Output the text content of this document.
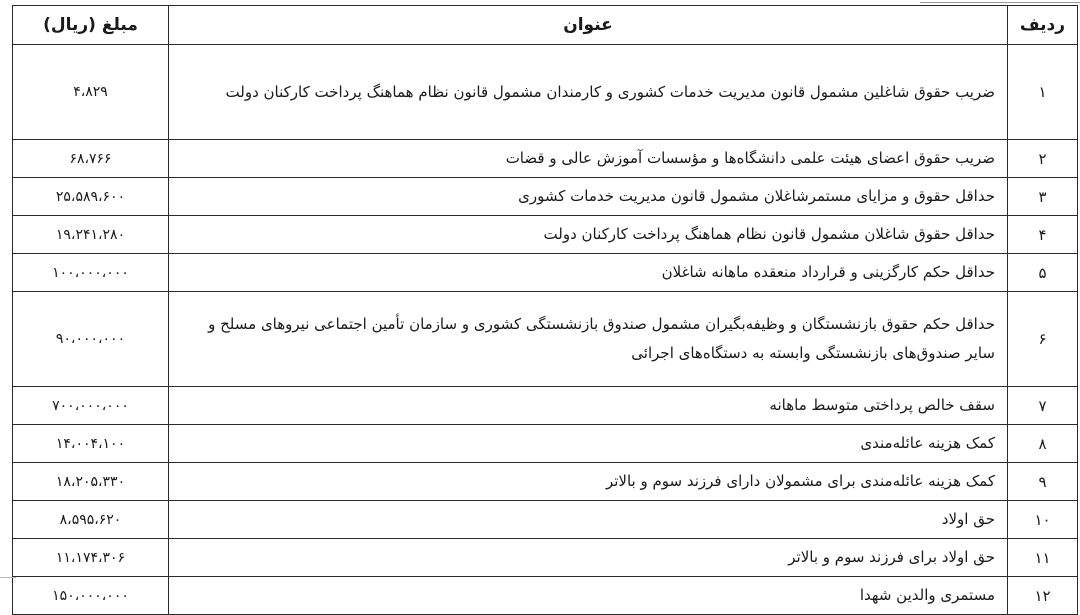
مبلغ (ریال)	عنوان	ردیف
۴،۸۲۹	ضریب حقوق شاغلین مشمول قانون مدیریت خدمات کشوری و کارمندان مشمول قانون نظام هماهنگ پرداخت کارکنان دولت	۱
۶۸،۷۶۶	ضریب حقوق اعضای هیئت علمی دانشگاه‌ها و مؤسسات آموزش عالی و قضات	۲
۲۵،۵۸۹،۶۰۰	حداقل حقوق و مزایای مستمرشاغلان مشمول قانون مدیریت خدمات کشوری	۳
۱۹،۲۴۱،۲۸۰	حداقل حقوق شاغلان مشمول قانون نظام هماهنگ پرداخت کارکنان دولت	۴
۱۰۰،۰۰۰،۰۰۰	حداقل حکم کارگزینی و قرارداد منعقده ماهانه شاغلان	۵
۹۰،۰۰۰،۰۰۰	حداقل حکم حقوق بازنشستگان و وظیفه‌بگیران مشمول صندوق بازنشستگی کشوری و سازمان تأمین اجتماعی نیروهای مسلح و سایر صندوق‌های بازنشستگی وابسته به دستگاه‌های اجرائی	۶
۷۰۰،۰۰۰،۰۰۰	سقف خالص پرداختی متوسط ماهانه	۷
۱۴،۰۰۴،۱۰۰	کمک هزینه عائله‌مندی	۸
۱۸،۲۰۵،۳۳۰	کمک هزینه عائله‌مندی برای مشمولان دارای فرزند سوم و بالاتر	۹
۸،۵۹۵،۶۲۰	حق اولاد	۱۰
۱۱،۱۷۴،۳۰۶	حق اولاد برای فرزند سوم و بالاتر	۱۱
۱۵۰،۰۰۰،۰۰۰	مستمری والدین شهدا	۱۲
